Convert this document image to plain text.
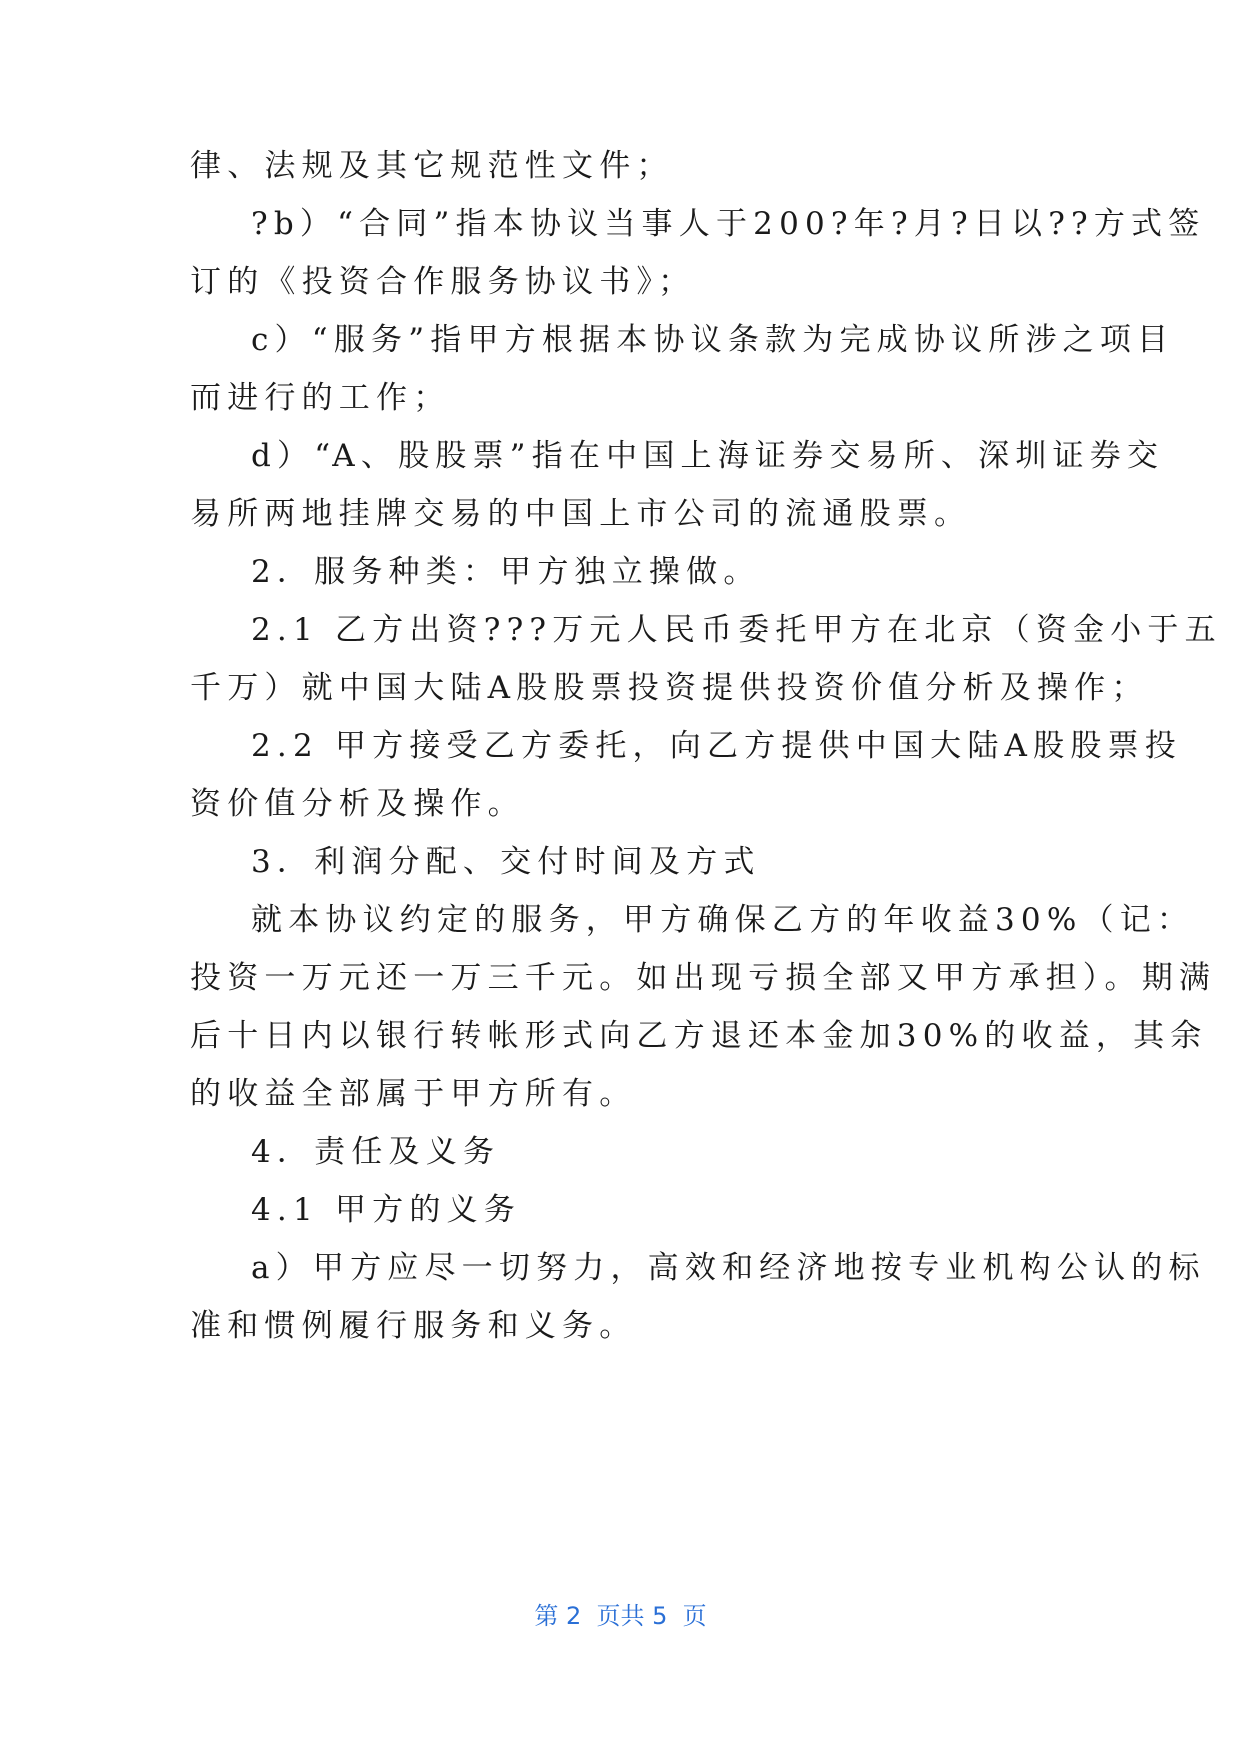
律、法规及其它规范性文件；
?b）“合同”指本协议当事人于200?年?月?日以??方式签
订的《投资合作服务协议书》；
c）“服务”指甲方根据本协议条款为完成协议所涉之项目
而进行的工作；
d）“A、股股票”指在中国上海证券交易所、深圳证券交
易所两地挂牌交易的中国上市公司的流通股票。
2．服务种类：甲方独立操做。
2.1 乙方出资???万元人民币委托甲方在北京（资金小于五
千万）就中国大陆A股股票投资提供投资价值分析及操作；
2.2 甲方接受乙方委托，向乙方提供中国大陆A股股票投
资价值分析及操作。
3．利润分配、交付时间及方式
就本协议约定的服务，甲方确保乙方的年收益30%（记：
投资一万元还一万三千元。如出现亏损全部又甲方承担）。期满
后十日内以银行转帐形式向乙方退还本金加30%的收益，其余
的收益全部属于甲方所有。
4．责任及义务
4.1 甲方的义务
a）甲方应尽一切努力，高效和经济地按专业机构公认的标
准和惯例履行服务和义务。
第 2  页共 5  页
